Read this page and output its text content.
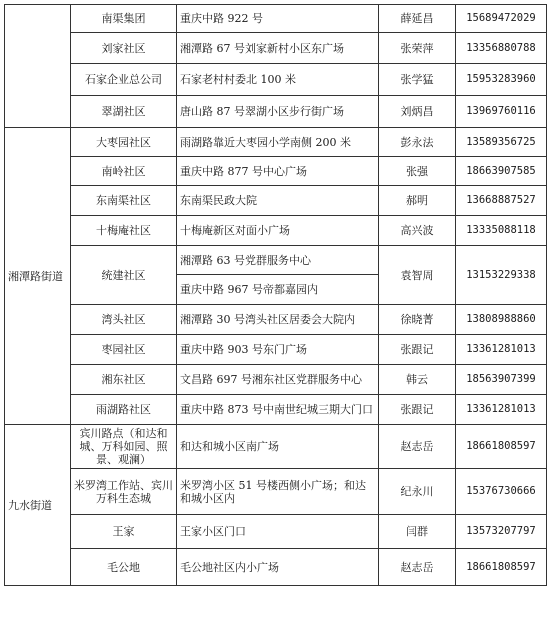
	南渠集团	重庆中路 922 号	薛延昌	15689472029
	刘家社区	湘潭路 67 号刘家新村小区东广场	张荣萍	13356880788
	石家企业总公司	石家老村村委北 100 米	张学猛	15953283960
	翠湖社区	唐山路 87 号翠湖小区步行街广场	刘炳昌	13969760116
湘潭路街道	大枣园社区	雨湖路靠近大枣园小学南侧 200 米	彭永法	13589356725
	南岭社区	重庆中路 877 号中心广场	张强	18663907585
	东南渠社区	东南渠民政大院	郝明	13668887527
	十梅庵社区	十梅庵新区对面小广场	高兴波	13335088118
	统建社区	湘潭路 63 号党群服务中心	袁智周	13153229338
		重庆中路 967 号帝都嘉园内		
	湾头社区	湘潭路 30 号湾头社区居委会大院内	徐晓菁	13808988860
	枣园社区	重庆中路 903 号东门广场	张跟记	13361281013
	湘东社区	文昌路 697 号湘东社区党群服务中心	韩云	18563907399
	雨湖路社区	重庆中路 873 号中南世纪城三期大门口	张跟记	13361281013
九水街道	宾川路点（和达和城、万科如园、照景、观澜）	和达和城小区南广场	赵志岳	18661808597
	米罗湾工作站、宾川万科生态城	米罗湾小区 51 号楼西侧小广场；和达和城小区内	纪永川	15376730666
	王家	王家小区门口	闫群	13573207797
	毛公地	毛公地社区内小广场	赵志岳	18661808597
